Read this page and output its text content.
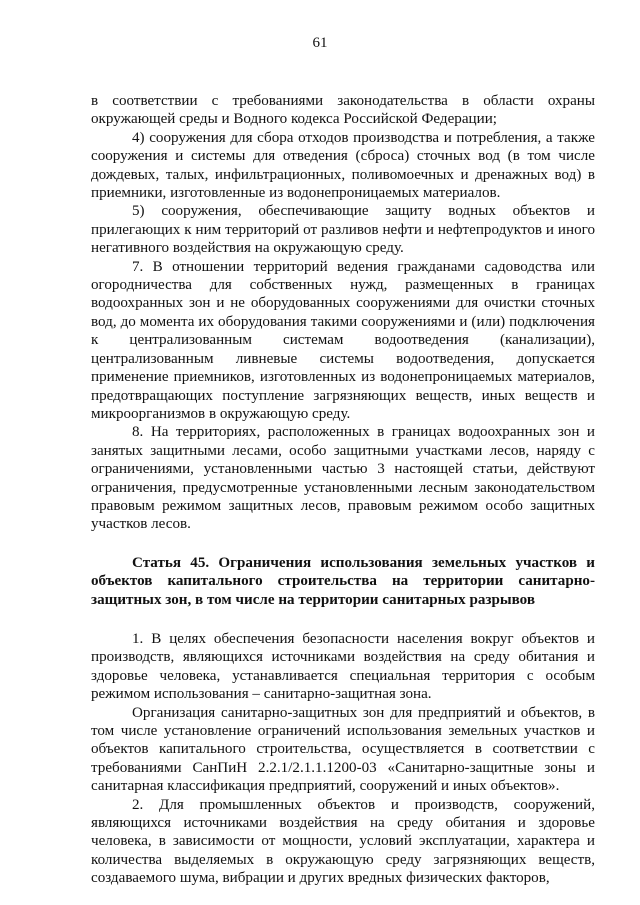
61

в соответствии с требованиями законодательства в области охраны окружающей среды и Водного кодекса Российской Федерации;

4) сооружения для сбора отходов производства и потребления, а также сооружения и системы для отведения (сброса) сточных вод (в том числе дождевых, талых, инфильтрационных, поливомоечных и дренажных вод) в приемники, изготовленные из водонепроницаемых материалов.

5) сооружения, обеспечивающие защиту водных объектов и прилегающих к ним территорий от разливов нефти и нефтепродуктов и иного негативного воздействия на окружающую среду.

7. В отношении территорий ведения гражданами садоводства или огородничества для собственных нужд, размещенных в границах водоохранных зон и не оборудованных сооружениями для очистки сточных вод, до момента их оборудования такими сооружениями и (или) подключения к централизованным системам водоотведения (канализации), централизованным ливневые системы водоотведения, допускается применение приемников, изготовленных из водонепроницаемых материалов, предотвращающих поступление загрязняющих веществ, иных веществ и микроорганизмов в окружающую среду.

8. На территориях, расположенных в границах водоохранных зон и занятых защитными лесами, особо защитными участками лесов, наряду с ограничениями, установленными частью 3 настоящей статьи, действуют ограничения, предусмотренные установленными лесным законодательством правовым режимом защитных лесов, правовым режимом особо защитных участков лесов.

Статья 45. Ограничения использования земельных участков и объектов капитального строительства на территории санитарно-защитных зон, в том числе на территории санитарных разрывов

1. В целях обеспечения безопасности населения вокруг объектов и производств, являющихся источниками воздействия на среду обитания и здоровье человека, устанавливается специальная территория с особым режимом использования – санитарно-защитная зона.

Организация санитарно-защитных зон для предприятий и объектов, в том числе установление ограничений использования земельных участков и объектов капитального строительства, осуществляется в соответствии с требованиями СанПиН 2.2.1/2.1.1.1200-03 «Санитарно-защитные зоны и санитарная классификация предприятий, сооружений и иных объектов».

2. Для промышленных объектов и производств, сооружений, являющихся источниками воздействия на среду обитания и здоровье человека, в зависимости от мощности, условий эксплуатации, характера и количества выделяемых в окружающую среду загрязняющих веществ, создаваемого шума, вибрации и других вредных физических факторов,
